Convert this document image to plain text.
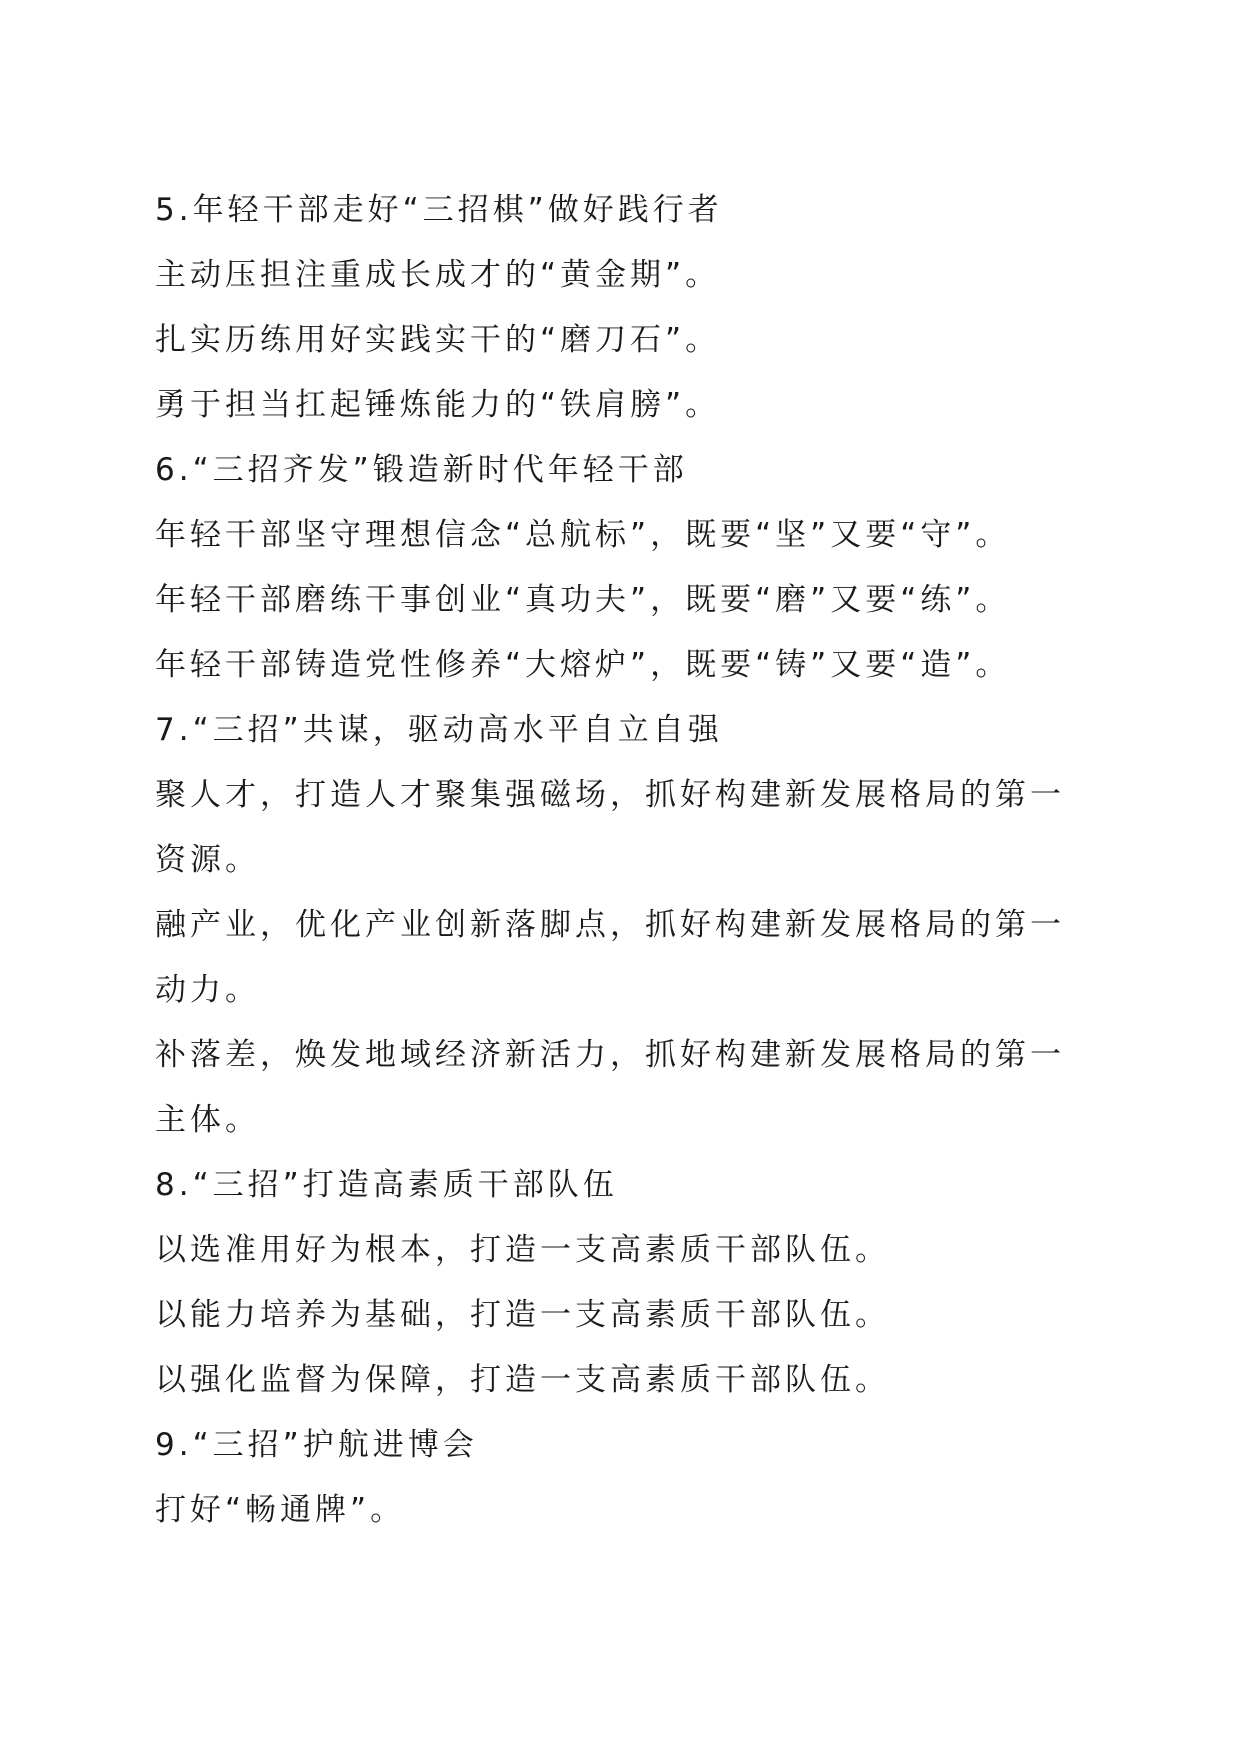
5.年轻干部走好“三招棋”做好践行者
主动压担注重成长成才的“黄金期”。
扎实历练用好实践实干的“磨刀石”。
勇于担当扛起锤炼能力的“铁肩膀”。
6.“三招齐发”锻造新时代年轻干部
年轻干部坚守理想信念“总航标”，既要“坚”又要“守”。
年轻干部磨练干事创业“真功夫”，既要“磨”又要“练”。
年轻干部铸造党性修养“大熔炉”，既要“铸”又要“造”。
7.“三招”共谋，驱动高水平自立自强
聚人才，打造人才聚集强磁场，抓好构建新发展格局的第一资源。
融产业，优化产业创新落脚点，抓好构建新发展格局的第一动力。
补落差，焕发地域经济新活力，抓好构建新发展格局的第一主体。
8.“三招”打造高素质干部队伍
以选准用好为根本，打造一支高素质干部队伍。
以能力培养为基础，打造一支高素质干部队伍。
以强化监督为保障，打造一支高素质干部队伍。
9.“三招”护航进博会
打好“畅通牌”。
